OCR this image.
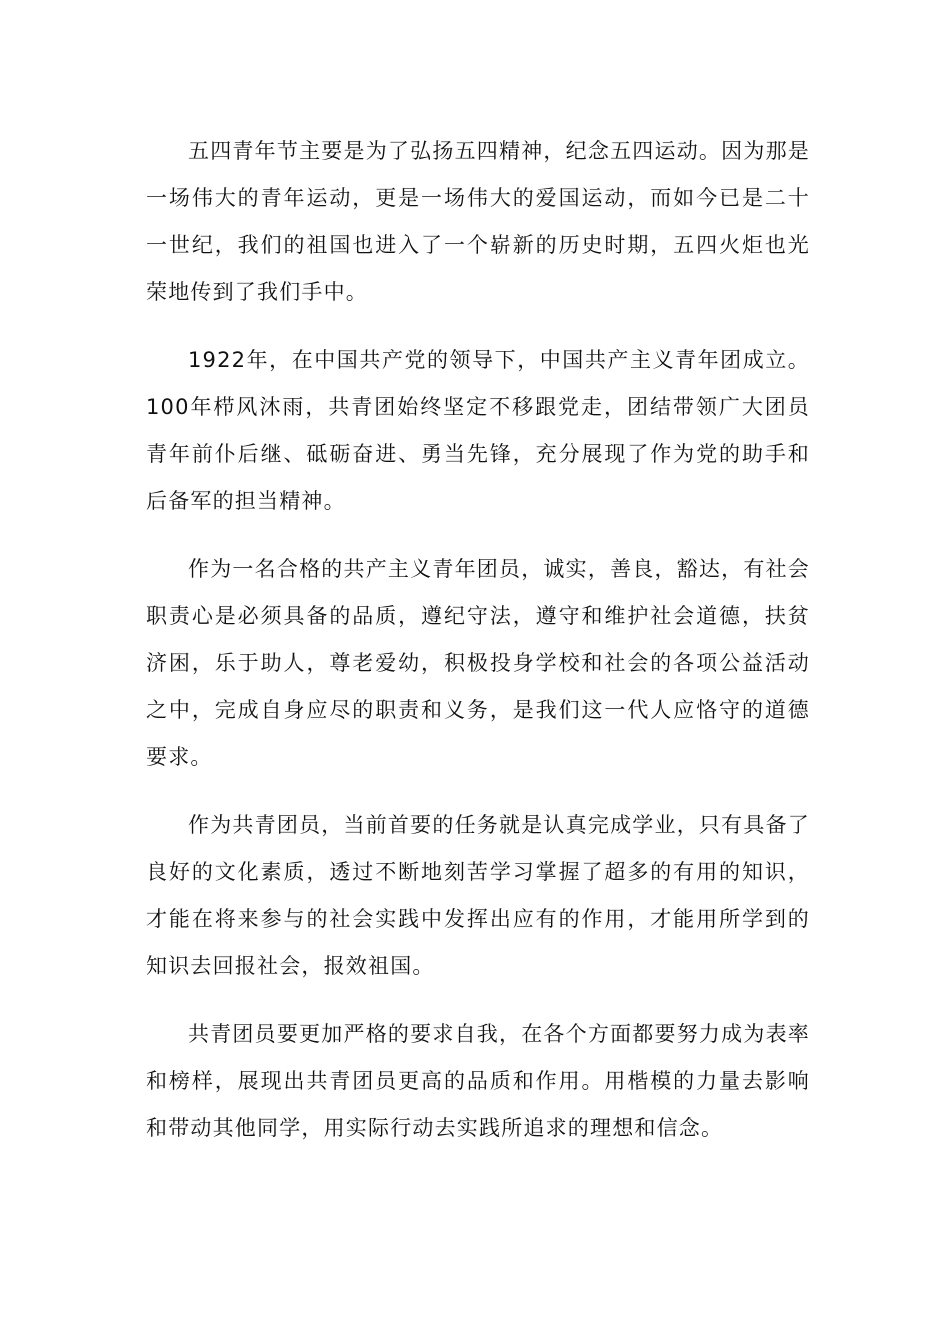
五四青年节主要是为了弘扬五四精神，纪念五四运动。因为那是一场伟大的青年运动，更是一场伟大的爱国运动，而如今已是二十一世纪，我们的祖国也进入了一个崭新的历史时期，五四火炬也光荣地传到了我们手中。

1922年，在中国共产党的领导下，中国共产主义青年团成立。100年栉风沐雨，共青团始终坚定不移跟党走，团结带领广大团员青年前仆后继、砥砺奋进、勇当先锋，充分展现了作为党的助手和后备军的担当精神。

作为一名合格的共产主义青年团员，诚实，善良，豁达，有社会职责心是必须具备的品质，遵纪守法，遵守和维护社会道德，扶贫济困，乐于助人，尊老爱幼，积极投身学校和社会的各项公益活动之中，完成自身应尽的职责和义务，是我们这一代人应恪守的道德要求。

作为共青团员，当前首要的任务就是认真完成学业，只有具备了良好的文化素质，透过不断地刻苦学习掌握了超多的有用的知识，才能在将来参与的社会实践中发挥出应有的作用，才能用所学到的知识去回报社会，报效祖国。

共青团员要更加严格的要求自我，在各个方面都要努力成为表率和榜样，展现出共青团员更高的品质和作用。用楷模的力量去影响和带动其他同学，用实际行动去实践所追求的理想和信念。
